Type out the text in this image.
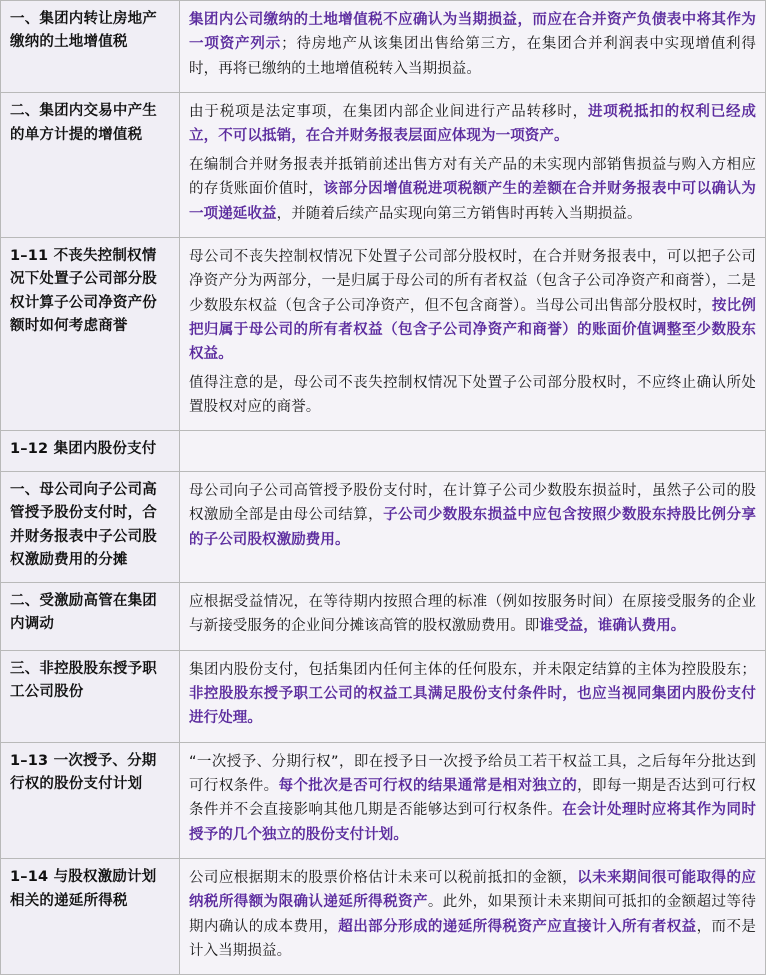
一、集团内转让房地产缴纳的土地增值税	集团内公司缴纳的土地增值税不应确认为当期损益，而应在合并资产负债表中将其作为一项资产列示；待房地产从该集团出售给第三方，在集团合并利润表中实现增值利得时，再将已缴纳的土地增值税转入当期损益。

二、集团内交易中产生的单方计提的增值税	由于税项是法定事项，在集团内部企业间进行产品转移时，进项税抵扣的权利已经成立，不可以抵销，在合并财务报表层面应体现为一项资产。

在编制合并财务报表并抵销前述出售方对有关产品的未实现内部销售损益与购入方相应的存货账面价值时，该部分因增值税进项税额产生的差额在合并财务报表中可以确认为一项递延收益，并随着后续产品实现向第三方销售时再转入当期损益。

1–11 不丧失控制权情况下处置子公司部分股权计算子公司净资产份额时如何考虑商誉	母公司不丧失控制权情况下处置子公司部分股权时，在合并财务报表中，可以把子公司净资产分为两部分，一是归属于母公司的所有者权益（包含子公司净资产和商誉），二是少数股东权益（包含子公司净资产，但不包含商誉）。当母公司出售部分股权时，按比例把归属于母公司的所有者权益（包含子公司净资产和商誉）的账面价值调整至少数股东权益。

值得注意的是，母公司不丧失控制权情况下处置子公司部分股权时，不应终止确认所处置股权对应的商誉。

1–12 集团内股份支付	
一、母公司向子公司高管授予股份支付时，合并财务报表中子公司股权激励费用的分摊	母公司向子公司高管授予股份支付时，在计算子公司少数股东损益时，虽然子公司的股权激励全部是由母公司结算，子公司少数股东损益中应包含按照少数股东持股比例分享的子公司股权激励费用。

二、受激励高管在集团内调动	应根据受益情况，在等待期内按照合理的标准（例如按服务时间）在原接受服务的企业与新接受服务的企业间分摊该高管的股权激励费用。即谁受益，谁确认费用。

三、非控股股东授予职工公司股份	集团内股份支付，包括集团内任何主体的任何股东，并未限定结算的主体为控股股东；非控股股东授予职工公司的权益工具满足股份支付条件时，也应当视同集团内股份支付进行处理。

1–13 一次授予、分期行权的股份支付计划	“一次授予、分期行权”，即在授予日一次授予给员工若干权益工具，之后每年分批达到可行权条件。每个批次是否可行权的结果通常是相对独立的，即每一期是否达到可行权条件并不会直接影响其他几期是否能够达到可行权条件。在会计处理时应将其作为同时授予的几个独立的股份支付计划。

1–14 与股权激励计划相关的递延所得税	公司应根据期末的股票价格估计未来可以税前抵扣的金额，以未来期间很可能取得的应纳税所得额为限确认递延所得税资产。此外，如果预计未来期间可抵扣的金额超过等待期内确认的成本费用，超出部分形成的递延所得税资产应直接计入所有者权益，而不是计入当期损益。
